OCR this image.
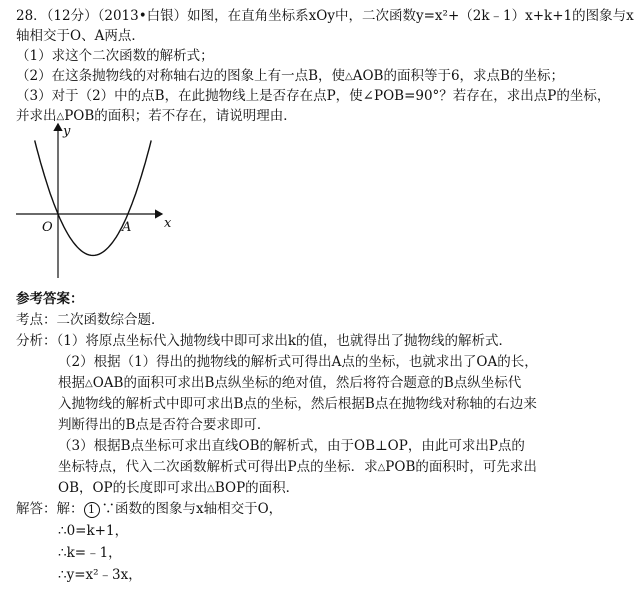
28．（12分）（2013•白银）如图，在直角坐标系xOy中，二次函数y=x²+（2k﹣1）x+k+1的图象与x
轴相交于O、A两点．
（1）求这个二次函数的解析式；
（2）在这条抛物线的对称轴右边的图象上有一点B，使△AOB的面积等于6，求点B的坐标；
（3）对于（2）中的点B，在此抛物线上是否存在点P，使∠POB=90°？若存在，求出点P的坐标，
并求出△POB的面积；若不存在，请说明理由．
y
x
O	A
参考答案：
考点：二次函数综合题．
分析：（1）将原点坐标代入抛物线中即可求出k的值，也就得出了抛物线的解析式．
（2）根据（1）得出的抛物线的解析式可得出A点的坐标，也就求出了OA的长，
根据△OAB的面积可求出B点纵坐标的绝对值，然后将符合题意的B点纵坐标代
入抛物线的解析式中即可求出B点的坐标，然后根据B点在抛物线对称轴的右边来
判断得出的B点是否符合要求即可．
（3）根据B点坐标可求出直线OB的解析式，由于OB⊥OP，由此可求出P点的
坐标特点，代入二次函数解析式可得出P点的坐标．求△POB的面积时，可先求出
OB，OP的长度即可求出△BOP的面积．
解答：解： 1 ∵函数的图象与x轴相交于O，
∴0=k+1，
∴k=﹣1，
∴y=x²﹣3x，
